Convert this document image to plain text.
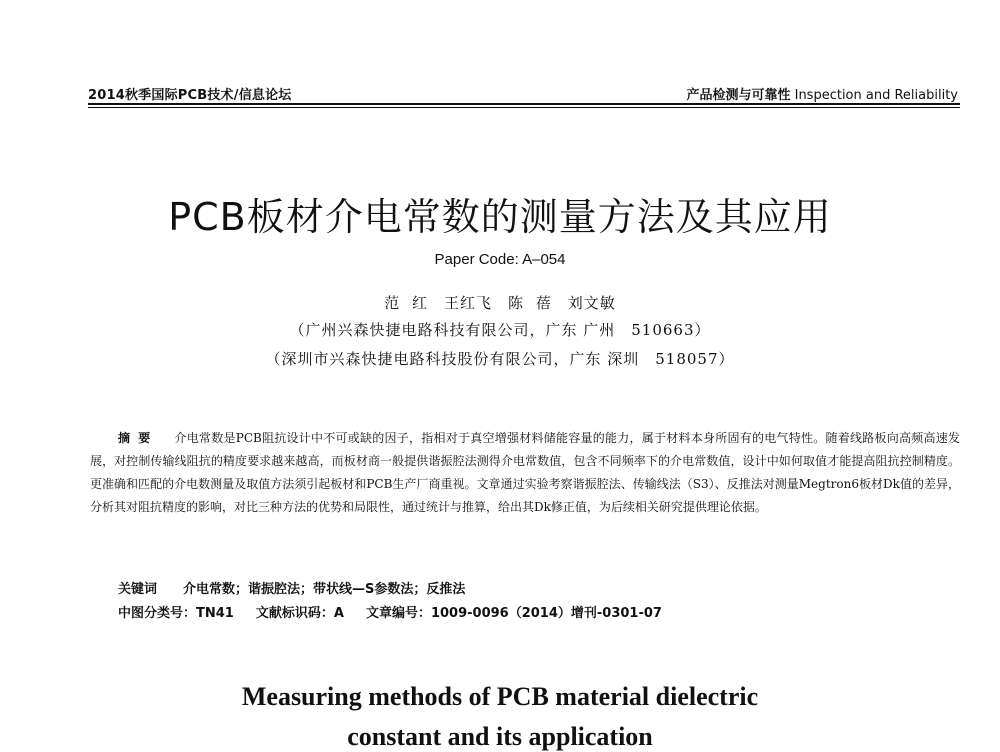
2014秋季国际PCB技术/信息论坛	产品检测与可靠性 Inspection and Reliability
PCB板材介电常数的测量方法及其应用
Paper Code: A–054
范 红　王红飞　陈 蓓　刘文敏
（广州兴森快捷电路科技有限公司，广东 广州　510663）
（深圳市兴森快捷电路科技股份有限公司，广东 深圳　518057）

摘要 介电常数是PCB阻抗设计中不可或缺的因子，指相对于真空增强材料储能容量的能力，属于材料本身所固有的电气特性。随着线路板向高频高速发展，对控制传输线阻抗的精度要求越来越高，而板材商一般提供谐振腔法测得介电常数值，包含不同频率下的介电常数值，设计中如何取值才能提高阻抗控制精度。更准确和匹配的介电数测量及取值方法须引起板材和PCB生产厂商重视。文章通过实验考察谐振腔法、传输线法（S3）、反推法对测量Megtron6板材Dk值的差异，分析其对阻抗精度的影响，对比三种方法的优势和局限性，通过统计与推算，给出其Dk修正值，为后续相关研究提供理论依据。

关键词 介电常数；谐振腔法；带状线—S参数法；反推法
中图分类号：TN41 文献标识码：A 文章编号：1009-0096（2014）增刊-0301-07
Measuring methods of PCB material dielectric
constant and its application
